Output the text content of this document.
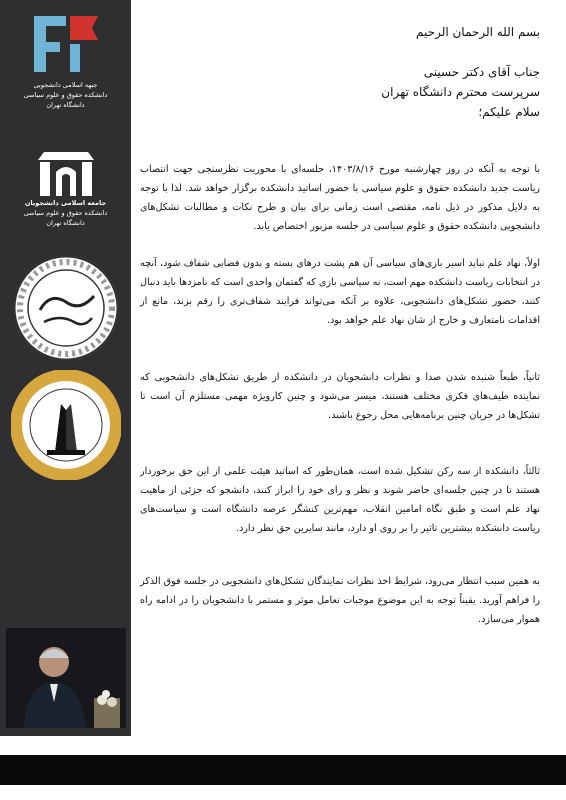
جبهه اسلامی دانشجویی
دانشکده حقوق و علوم سیاسی
دانشگاه تهران
جامعه اسلامی دانشجویان
دانشکده حقوق و علوم سیاسی
دانشگاه تهران
بسم الله الرحمان الرحیم
جناب آقای دکتر حسینی
سرپرست محترم دانشگاه تهران
سلام علیکم؛
با توجه به آنکه در روز چهارشنبه مورخ ۱۴۰۳/۸/۱۶، جلسه‌ای با محوریت نظرسنجی جهت انتصاب ریاست جدید دانشکده حقوق و علوم سیاسی با حضور اساتید دانشکده برگزار خواهد شد. لذا با توجه به دلایل مذکور در ذیل نامه، مقتضی است زمانی برای بیان و طرح نکات و مطالبات تشکل‌های دانشجویی دانشکده حقوق و علوم سیاسی در جلسه مزبور اختصاص یابد.
اولاً، نهاد علم نباید اسیر بازی‌های سیاسی آن هم پشت درهای بسته و بدون فضایی شفاف شود، آنچه در انتخابات ریاست دانشکده مهم است، نه سیاسی بازی که گفتمان واحدی است که نامزدها باید دنبال کنند، حضور تشکل‌های دانشجویی، علاوه بر آنکه می‌تواند فرایند شفاف‌تری را رقم بزند، مانع از اقدامات نامتعارف و خارج از شان نهاد علم خواهد بود.
ثانیاً، طبعاً شنیده شدن صدا و نظرات دانشجویان در دانشکده از طریق تشکل‌های دانشجویی که نماینده طیف‌های فکری مختلف هستند، میسر می‌شود و چنین کارویژه مهمی مستلزم آن است تا تشکل‌ها در جریان چنین برنامه‌هایی محل رجوع باشند.
ثالثاً، دانشکده از سه رکن تشکیل شده است، همان‌طور که اساتید هیئت علمی از این حق برخوردار هستند تا در چنین جلسه‌ای حاضر شوند و نظر و رای خود را ابراز کنند، دانشجو که جزئی از ماهیت نهاد علم است و طبق نگاه امامین انقلاب، مهم‌ترین کنشگر عرصه دانشگاه است و سیاست‌های ریاست دانشکده بیشترین تاثیر را بر روی او دارد، مانند سایرین حق نظر دارد.
به همین سبب انتظار می‌رود، شرایط اخذ نظرات نمایندگان تشکل‌های دانشجویی در جلسه فوق الذکر را فراهم آورید. یقیناً توجه به این موضوع موجبات تعامل موثر و مستمر با دانشجویان را در ادامه راه هموار می‌سازد.
